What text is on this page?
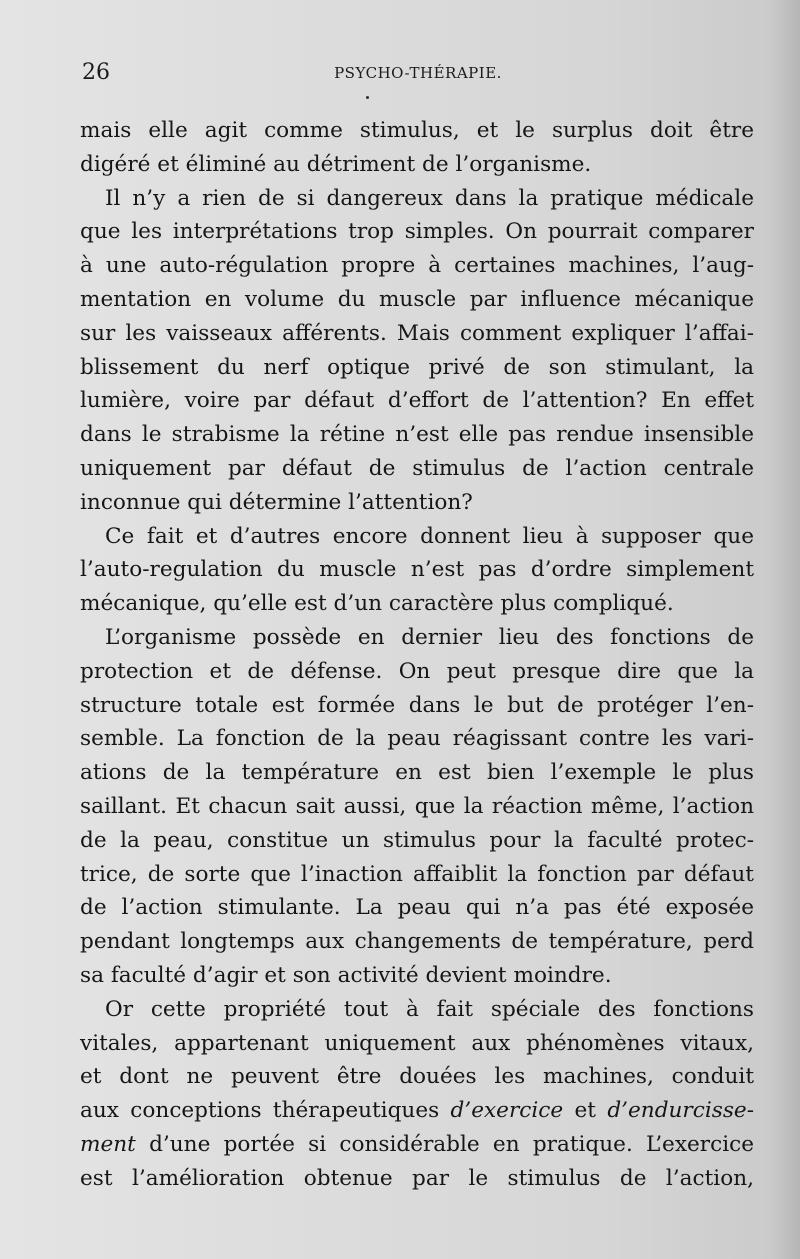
26	PSYCHO-THÉRAPIE.
mais elle agit comme stimulus, et le surplus doit être
digéré et éliminé au détriment de l’organisme.
Il n’y a rien de si dangereux dans la pratique médicale
que les interprétations trop simples. On pourrait comparer
à une auto-régulation propre à certaines machines, l’aug-
mentation en volume du muscle par influence mécanique
sur les vaisseaux afférents. Mais comment expliquer l’affai-
blissement du nerf optique privé de son stimulant, la
lumière, voire par défaut d’effort de l’attention? En effet
dans le strabisme la rétine n’est elle pas rendue insensible
uniquement par défaut de stimulus de l’action centrale
inconnue qui détermine l’attention?
Ce fait et d’autres encore donnent lieu à supposer que
l’auto-regulation du muscle n’est pas d’ordre simplement
mécanique, qu’elle est d’un caractère plus compliqué.
L’organisme possède en dernier lieu des fonctions de
protection et de défense. On peut presque dire que la
structure totale est formée dans le but de protéger l’en-
semble. La fonction de la peau réagissant contre les vari-
ations de la température en est bien l’exemple le plus
saillant. Et chacun sait aussi, que la réaction même, l’action
de la peau, constitue un stimulus pour la faculté protec-
trice, de sorte que l’inaction affaiblit la fonction par défaut
de l’action stimulante. La peau qui n’a pas été exposée
pendant longtemps aux changements de température, perd
sa faculté d’agir et son activité devient moindre.
Or cette propriété tout à fait spéciale des fonctions
vitales, appartenant uniquement aux phénomènes vitaux,
et dont ne peuvent être douées les machines, conduit
aux conceptions thérapeutiques d’exercice et d’endurcisse-
ment d’une portée si considérable en pratique. L’exercice
est l’amélioration obtenue par le stimulus de l’action,
